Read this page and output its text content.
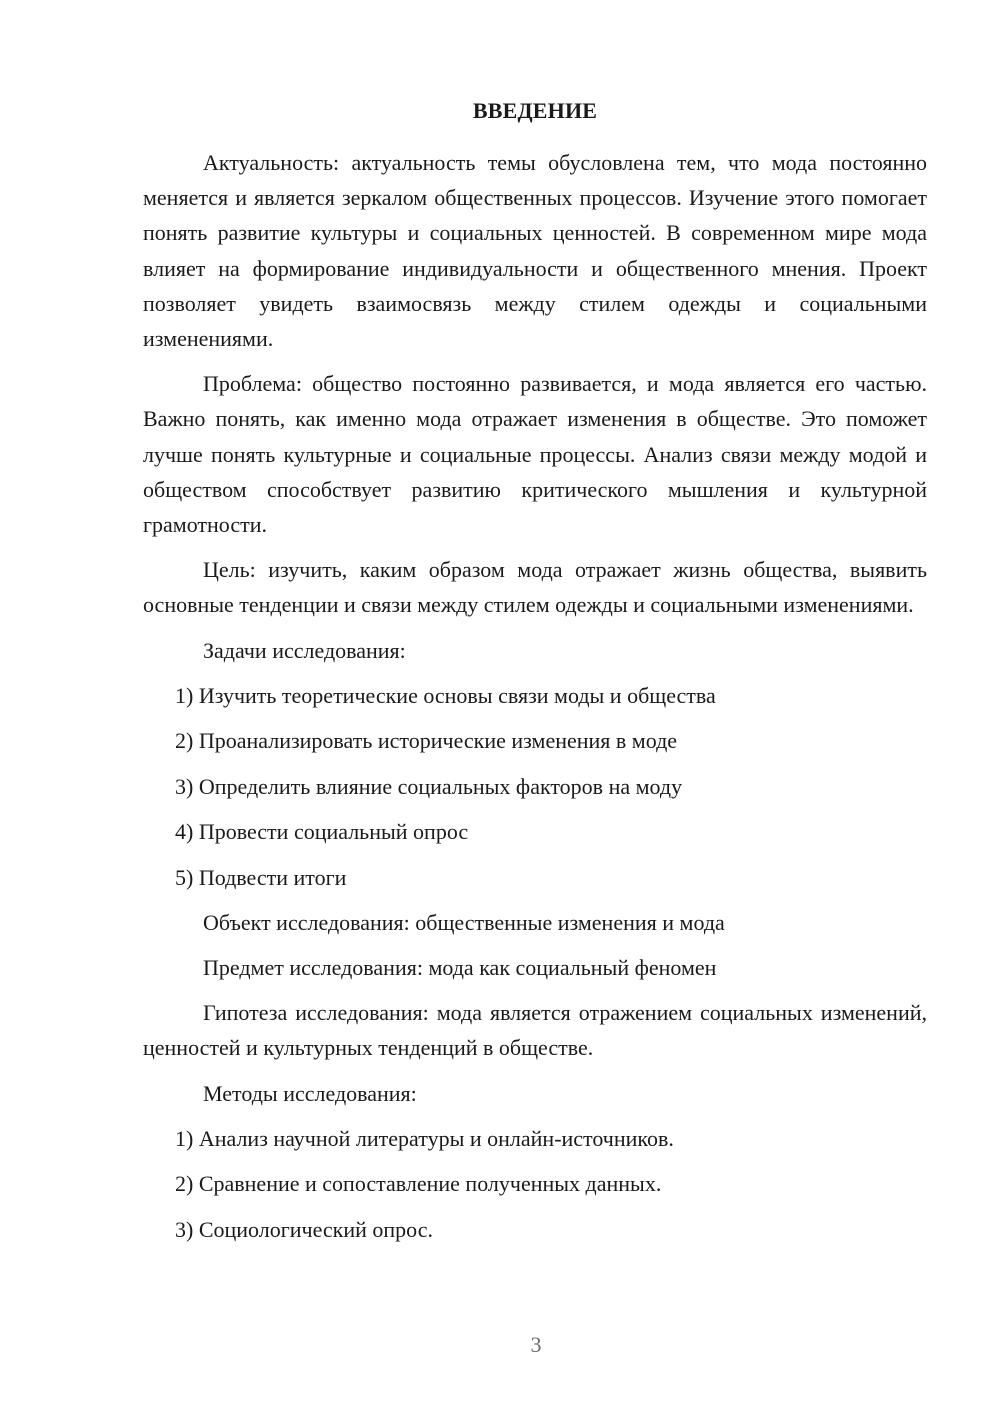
ВВЕДЕНИЕ

Актуальность: актуальность темы обусловлена тем, что мода постоянно меняется и является зеркалом общественных процессов. Изучение этого помогает понять развитие культуры и социальных ценностей. В современном мире мода влияет на формирование индивидуальности и общественного мнения. Проект позволяет увидеть взаимосвязь между стилем одежды и социальными изменениями.

Проблема: общество постоянно развивается, и мода является его частью. Важно понять, как именно мода отражает изменения в обществе. Это поможет лучше понять культурные и социальные процессы. Анализ связи между модой и обществом способствует развитию критического мышления и культурной грамотности.

Цель: изучить, каким образом мода отражает жизнь общества, выявить основные тенденции и связи между стилем одежды и социальными изменениями.

Задачи исследования:

1) Изучить теоретические основы связи моды и общества
2) Проанализировать исторические изменения в моде
3) Определить влияние социальных факторов на моду
4) Провести социальный опрос
5) Подвести итоги

Объект исследования: общественные изменения и мода

Предмет исследования: мода как социальный феномен

Гипотеза исследования: мода является отражением социальных изменений, ценностей и культурных тенденций в обществе.

Методы исследования:

1) Анализ научной литературы и онлайн-источников.
2) Сравнение и сопоставление полученных данных.
3) Социологический опрос.
3
